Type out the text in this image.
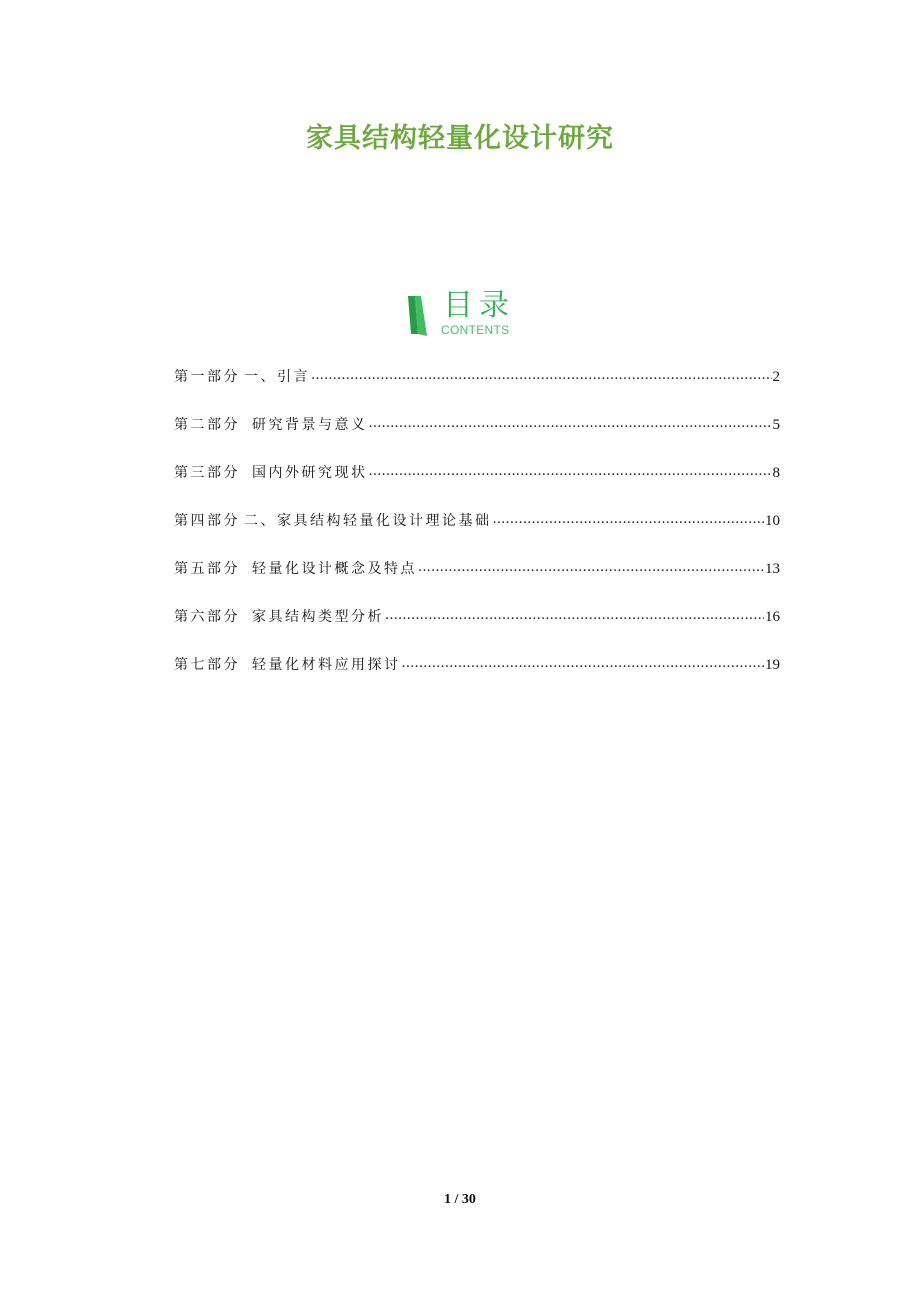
家具结构轻量化设计研究
目录
CONTENTS
第一部分 一、引言 .....	2
第二部分 研究背景与意义 .....	5
第三部分 国内外研究现状 .....	8
第四部分 二、家具结构轻量化设计理论基础 .....	10
第五部分 轻量化设计概念及特点 .....	13
第六部分 家具结构类型分析 .....	16
第七部分 轻量化材料应用探讨 .....	19
1 / 30
